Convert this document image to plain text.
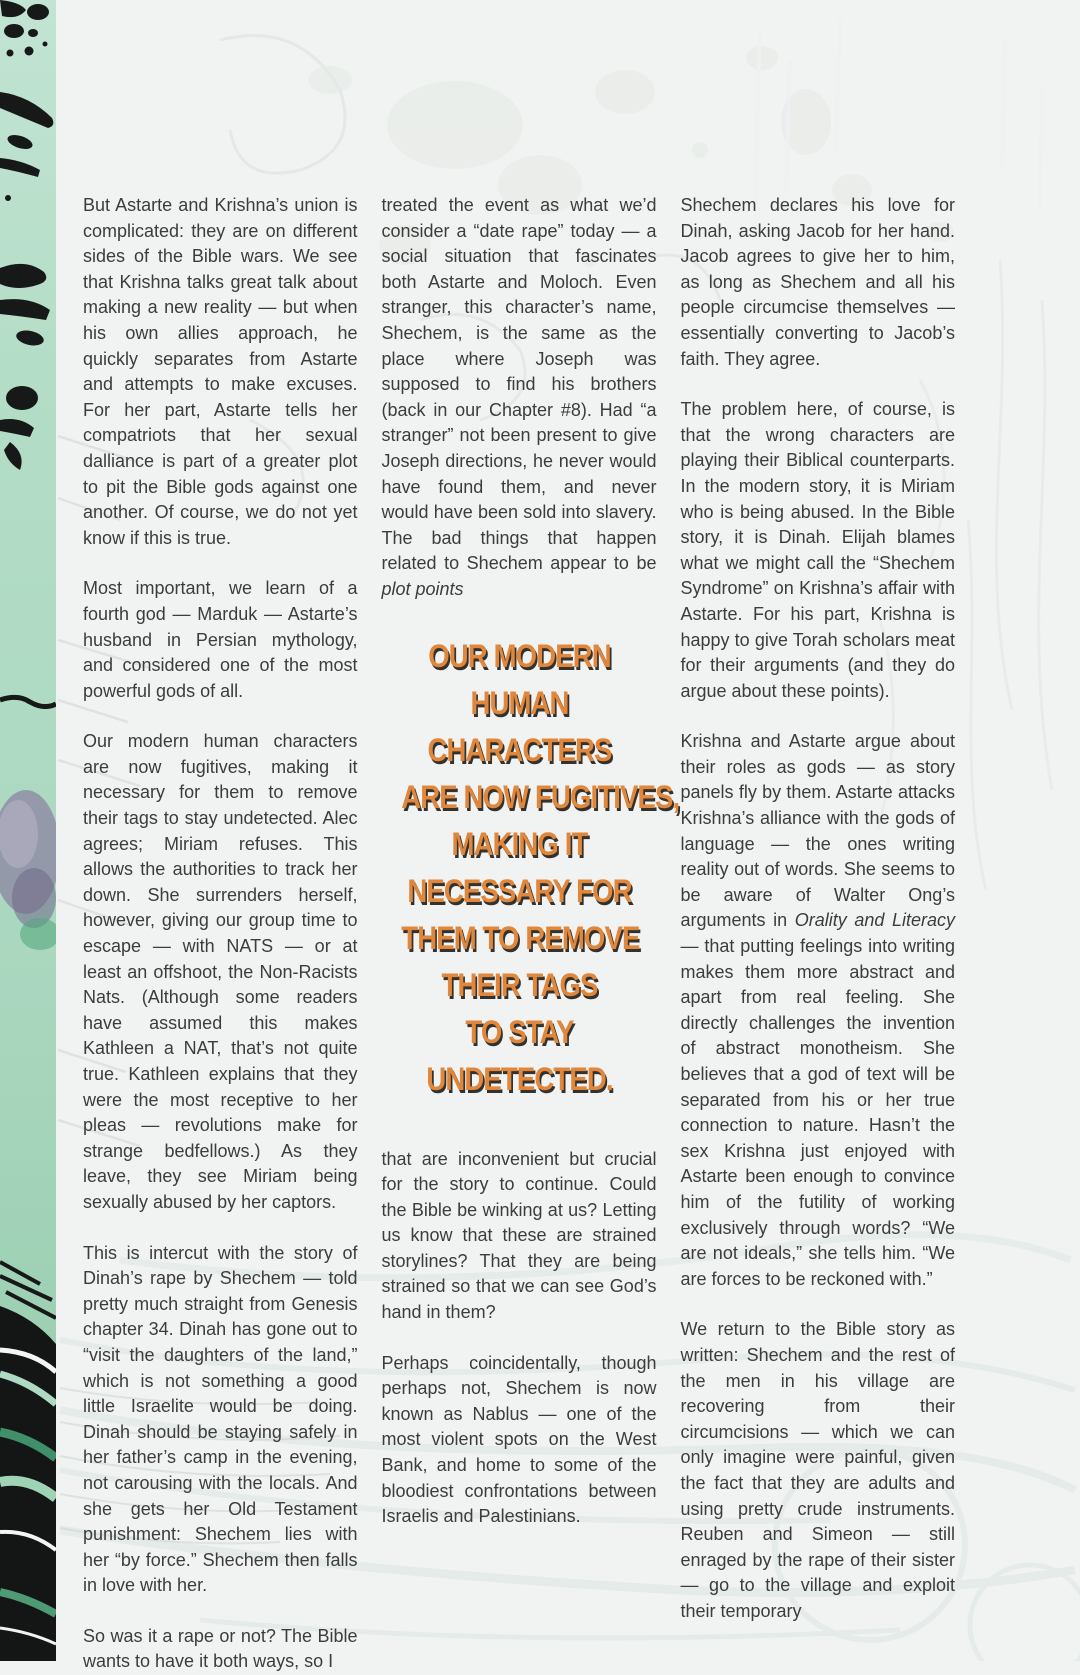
But Astarte and Krishna’s union is complicated: they are on different sides of the Bible wars. We see that Krishna talks great talk about making a new reality — but when his own allies approach, he quickly separates from Astarte and attempts to make excuses. For her part, Astarte tells her compatriots that her sexual dalliance is part of a greater plot to pit the Bible gods against one another. Of course, we do not yet know if this is true.

Most important, we learn of a fourth god — Marduk — Astarte’s husband in Persian mythology, and considered one of the most powerful gods of all.

Our modern human characters are now fugitives, making it necessary for them to remove their tags to stay undetected. Alec agrees; Miriam refuses. This allows the authorities to track her down. She surrenders herself, however, giving our group time to escape — with NATS — or at least an offshoot, the Non-Racists Nats. (Although some readers have assumed this makes Kathleen a NAT, that’s not quite true. Kathleen explains that they were the most receptive to her pleas — revolutions make for strange bedfellows.) As they leave, they see Miriam being sexually abused by her captors.

This is intercut with the story of Dinah’s rape by Shechem — told pretty much straight from Genesis chapter 34. Dinah has gone out to “visit the daughters of the land,” which is not something a good little Israelite would be doing. Dinah should be staying safely in her father’s camp in the evening, not carousing with the locals. And she gets her Old Testament punishment: Shechem lies with her “by force.” Shechem then falls in love with her.

So was it a rape or not? The Bible wants to have it both ways, so I

treated the event as what we’d consider a “date rape” today — a social situation that fascinates both Astarte and Moloch. Even stranger, this character’s name, Shechem, is the same as the place where Joseph was supposed to find his brothers (back in our Chapter #8). Had “a stranger” not been present to give Joseph directions, he never would have found them, and never would have been sold into slavery. The bad things that happen related to Shechem appear to be plot points

OUR MODERN
HUMAN
CHARACTERS
ARE NOW FUGITIVES,
MAKING IT
NECESSARY FOR
THEM TO REMOVE
THEIR TAGS
TO STAY
UNDETECTED.

that are inconvenient but crucial for the story to continue. Could the Bible be winking at us? Letting us know that these are strained storylines? That they are being strained so that we can see God’s hand in them?

Perhaps coincidentally, though perhaps not, Shechem is now known as Nablus — one of the most violent spots on the West Bank, and home to some of the bloodiest confrontations between Israelis and Palestinians.

Shechem declares his love for Dinah, asking Jacob for her hand. Jacob agrees to give her to him, as long as Shechem and all his people circumcise themselves — essentially converting to Jacob’s faith. They agree.

The problem here, of course, is that the wrong characters are playing their Biblical counterparts. In the modern story, it is Miriam who is being abused. In the Bible story, it is Dinah. Elijah blames what we might call the “Shechem Syndrome” on Krishna’s affair with Astarte. For his part, Krishna is happy to give Torah scholars meat for their arguments (and they do argue about these points).

Krishna and Astarte argue about their roles as gods — as story panels fly by them. Astarte attacks Krishna’s alliance with the gods of language — the ones writing reality out of words. She seems to be aware of Walter Ong’s arguments in Orality and Literacy — that putting feelings into writing makes them more abstract and apart from real feeling. She directly challenges the invention of abstract monotheism. She believes that a god of text will be separated from his or her true connection to nature. Hasn’t the sex Krishna just enjoyed with Astarte been enough to convince him of the futility of working exclusively through words? “We are not ideals,” she tells him. “We are forces to be reckoned with.”

We return to the Bible story as written: Shechem and the rest of the men in his village are recovering from their circumcisions — which we can only imagine were painful, given the fact that they are adults and using pretty crude instruments. Reuben and Simeon — still enraged by the rape of their sister — go to the village and exploit their temporary
